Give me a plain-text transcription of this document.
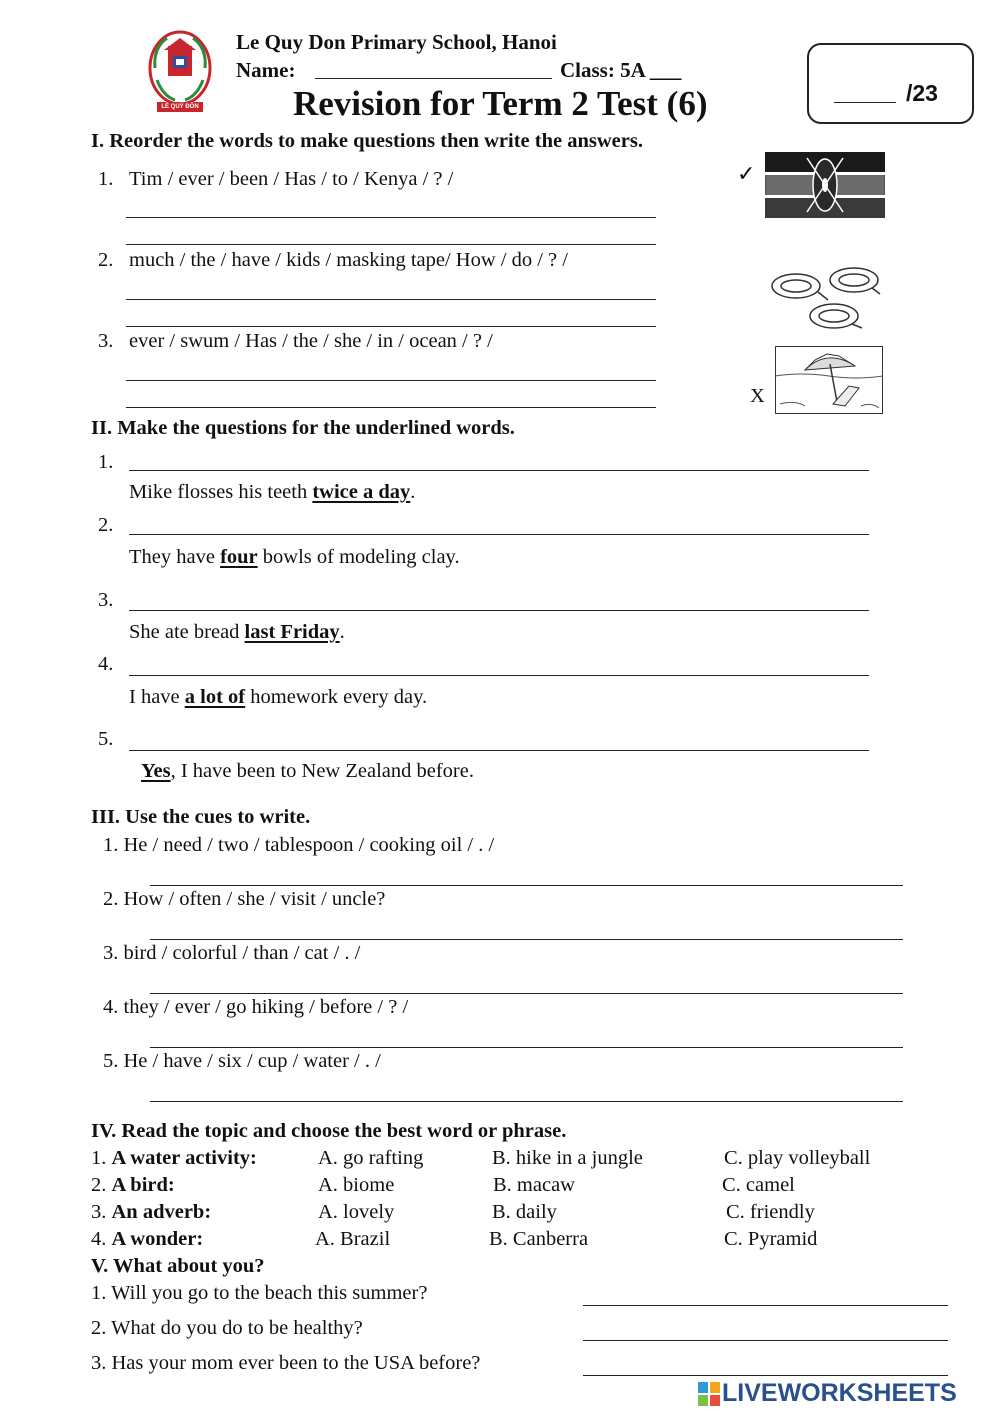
LÊ QUÝ ĐÔN
Le Quy Don Primary School, Hanoi
Name:	Class: 5A ___
Revision for Term 2 Test (6)	/23
I. Reorder the words to make questions then write the answers.
1. Tim / ever / been / Has / to / Kenya / ? /	✓
2. much / the / have / kids / masking tape/ How / do / ? /
3. ever / swum / Has / the / she / in / ocean / ? /
X
II. Make the questions for the underlined words.
1.
Mike flosses his teeth twice a day.
2.
They have four bowls of modeling clay.
3.
She ate bread last Friday.
4.
I have a lot of homework every day.
5.
Yes, I have been to New Zealand before.
III. Use the cues to write.
1. He / need / two / tablespoon / cooking oil / . /
2. How / often / she / visit / uncle?
3. bird / colorful / than / cat / . /
4. they / ever / go hiking / before / ? /
5. He / have / six / cup / water / . /
IV. Read the topic and choose the best word or phrase.
1. A water activity:	A. go rafting	B. hike in a jungle	C. play volleyball
2. A bird:	A. biome	B. macaw	C. camel
3. An adverb:	A. lovely	B. daily	C. friendly
4. A wonder:	A. Brazil	B. Canberra	C. Pyramid
V. What about you?
1. Will you go to the beach this summer?
2. What do you do to be healthy?
3. Has your mom ever been to the USA before?
LIVEWORKSHEETS
